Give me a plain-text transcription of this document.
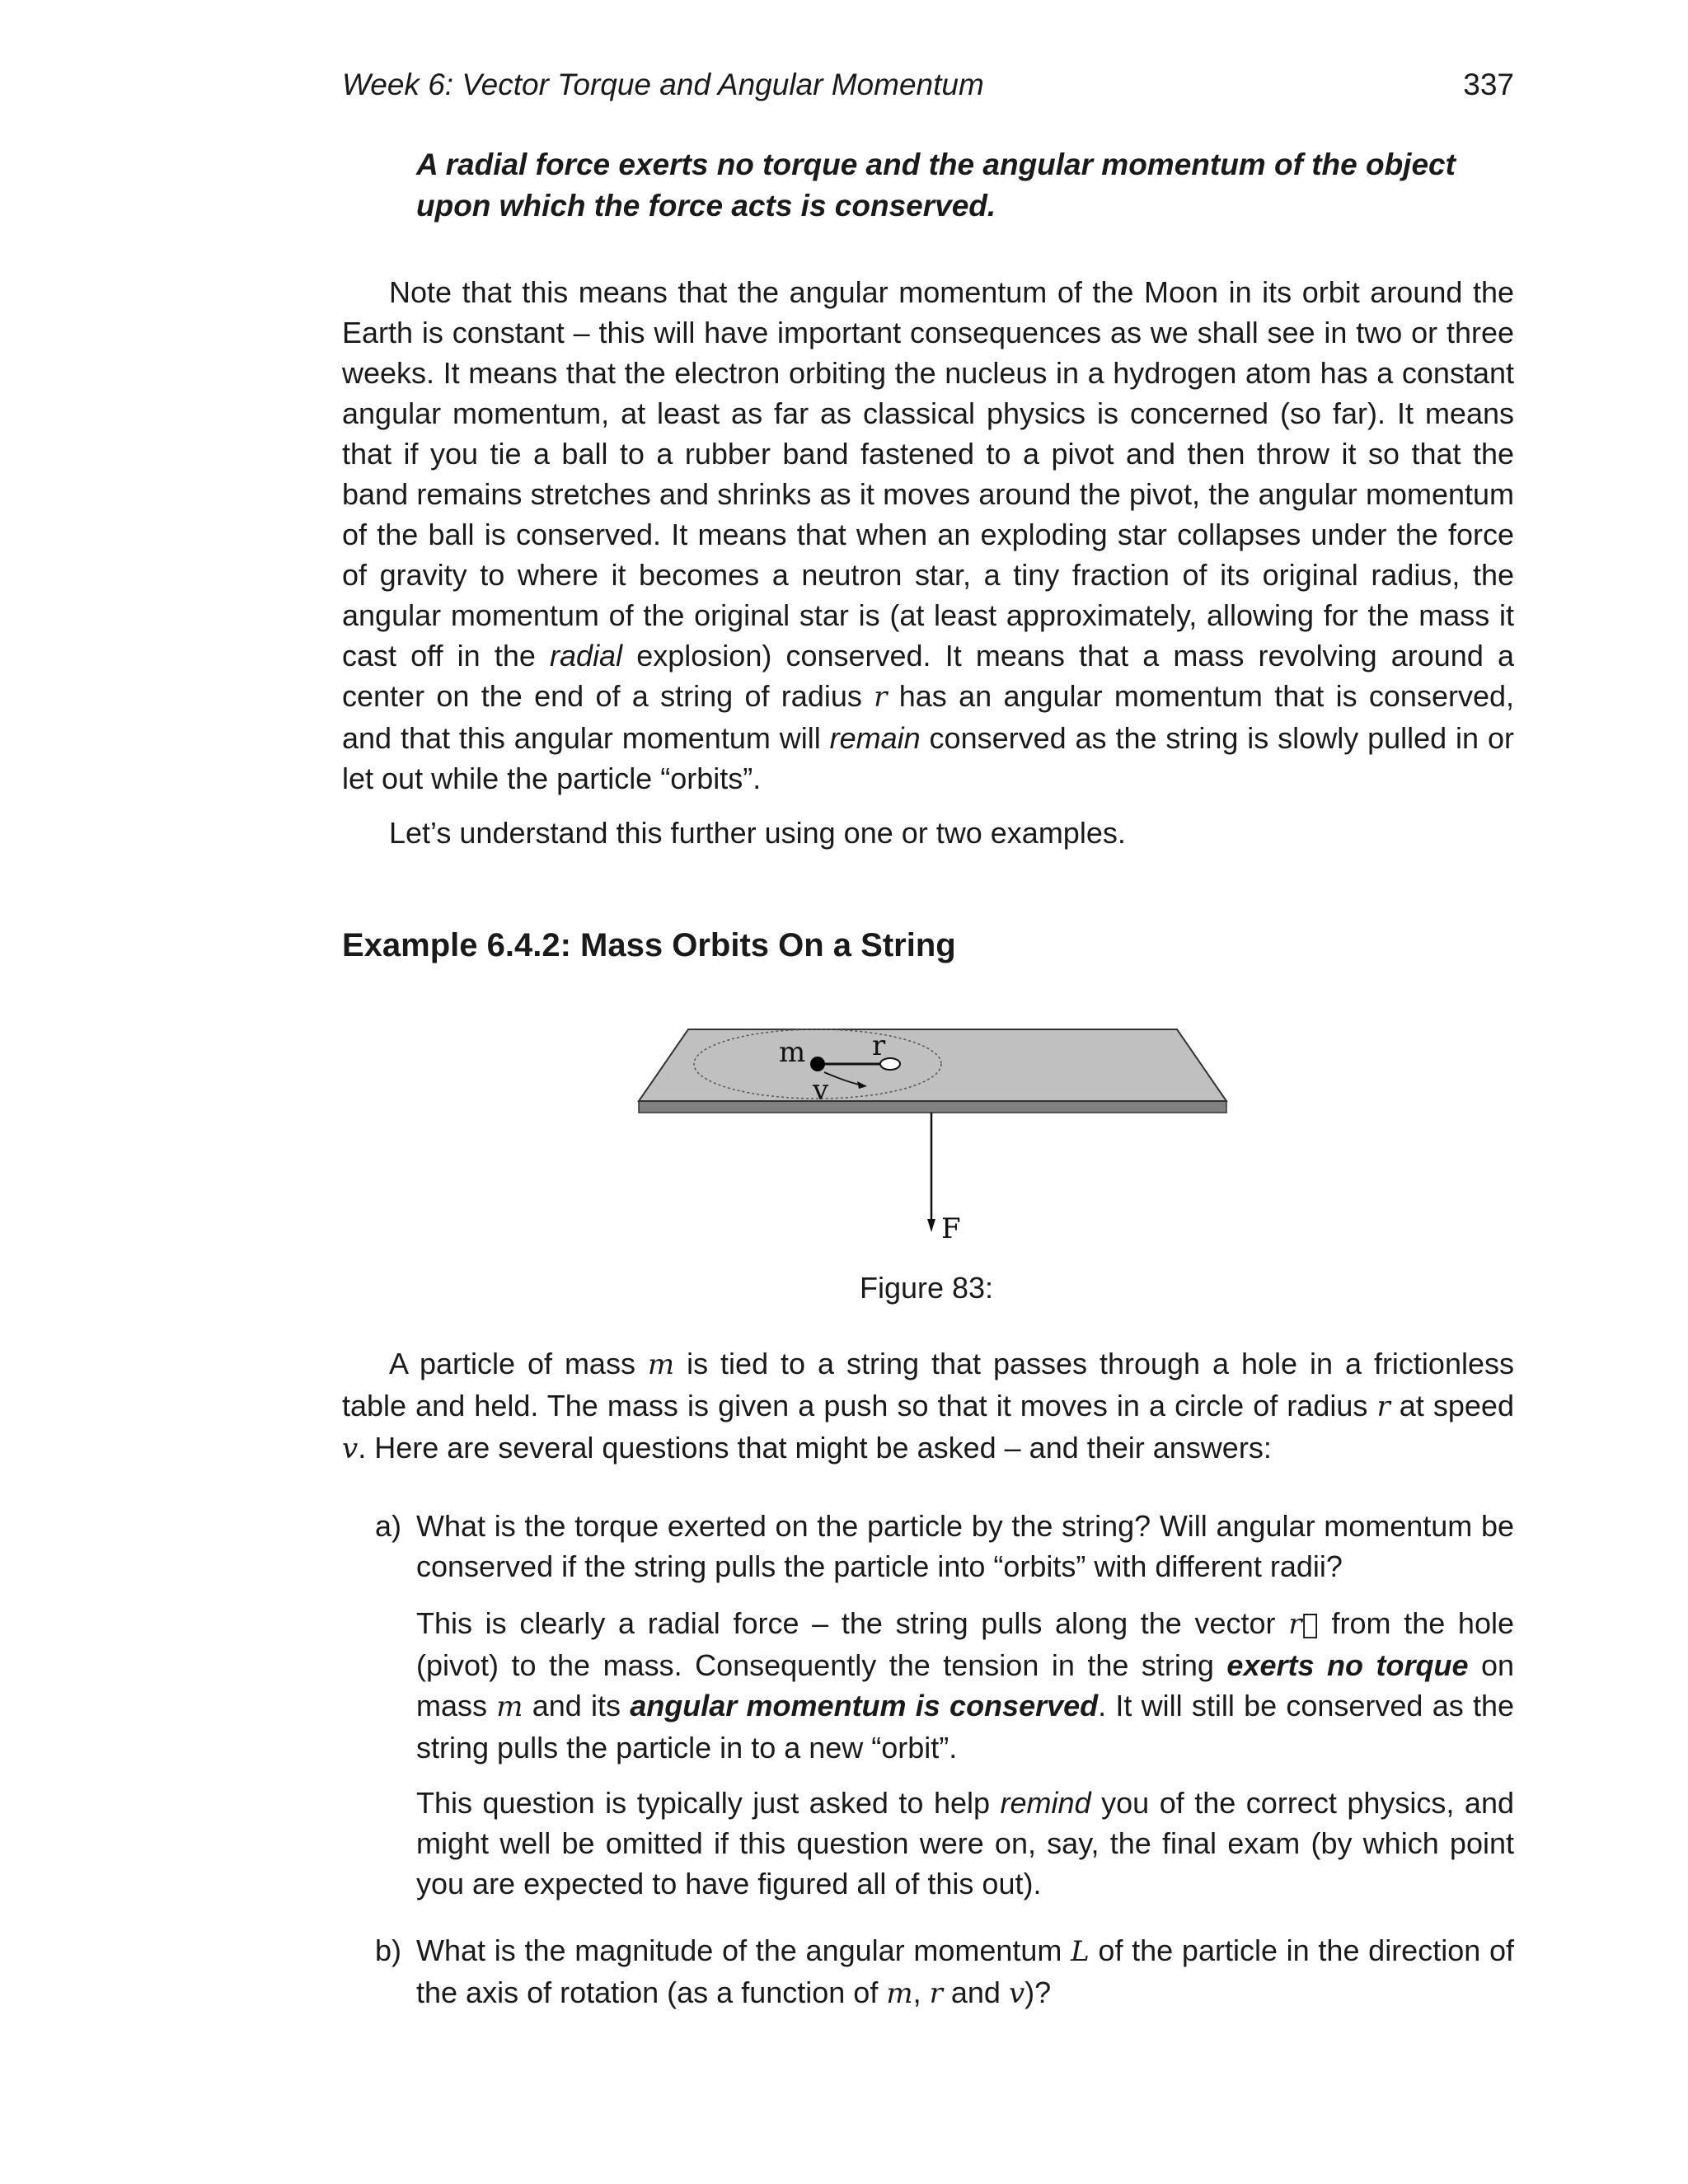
Week 6: Vector Torque and Angular Momentum	337
A radial force exerts no torque and the angular momentum of the object upon which the force acts is conserved.

Note that this means that the angular momentum of the Moon in its orbit around the Earth is constant – this will have important consequences as we shall see in two or three weeks. It means that the electron orbiting the nucleus in a hydrogen atom has a constant angular momentum, at least as far as classical physics is concerned (so far). It means that if you tie a ball to a rubber band fastened to a pivot and then throw it so that the band remains stretches and shrinks as it moves around the pivot, the angular momentum of the ball is conserved. It means that when an exploding star collapses under the force of gravity to where it becomes a neutron star, a tiny fraction of its original radius, the angular momentum of the original star is (at least approximately, allowing for the mass it cast off in the radial explosion) conserved. It means that a mass revolving around a center on the end of a string of radius r has an angular momentum that is conserved, and that this angular momentum will remain conserved as the string is slowly pulled in or let out while the particle “orbits”.

Let’s understand this further using one or two examples.

Example 6.4.2: Mass Orbits On a String
m r
v
F
Figure 83:

A particle of mass m is tied to a string that passes through a hole in a frictionless table and held. The mass is given a push so that it moves in a circle of radius r at speed v. Here are several questions that might be asked – and their answers:

a) What is the torque exerted on the particle by the string? Will angular momentum be conserved if the string pulls the particle into “orbits” with different radii?

This is clearly a radial force – the string pulls along the vector r⃗ from the hole (pivot) to the mass. Consequently the tension in the string exerts no torque on mass m and its angular momentum is conserved. It will still be conserved as the string pulls the particle in to a new “orbit”.

This question is typically just asked to help remind you of the correct physics, and might well be omitted if this question were on, say, the final exam (by which point you are expected to have figured all of this out).

b) What is the magnitude of the angular momentum L of the particle in the direction of the axis of rotation (as a function of m, r and v)?
